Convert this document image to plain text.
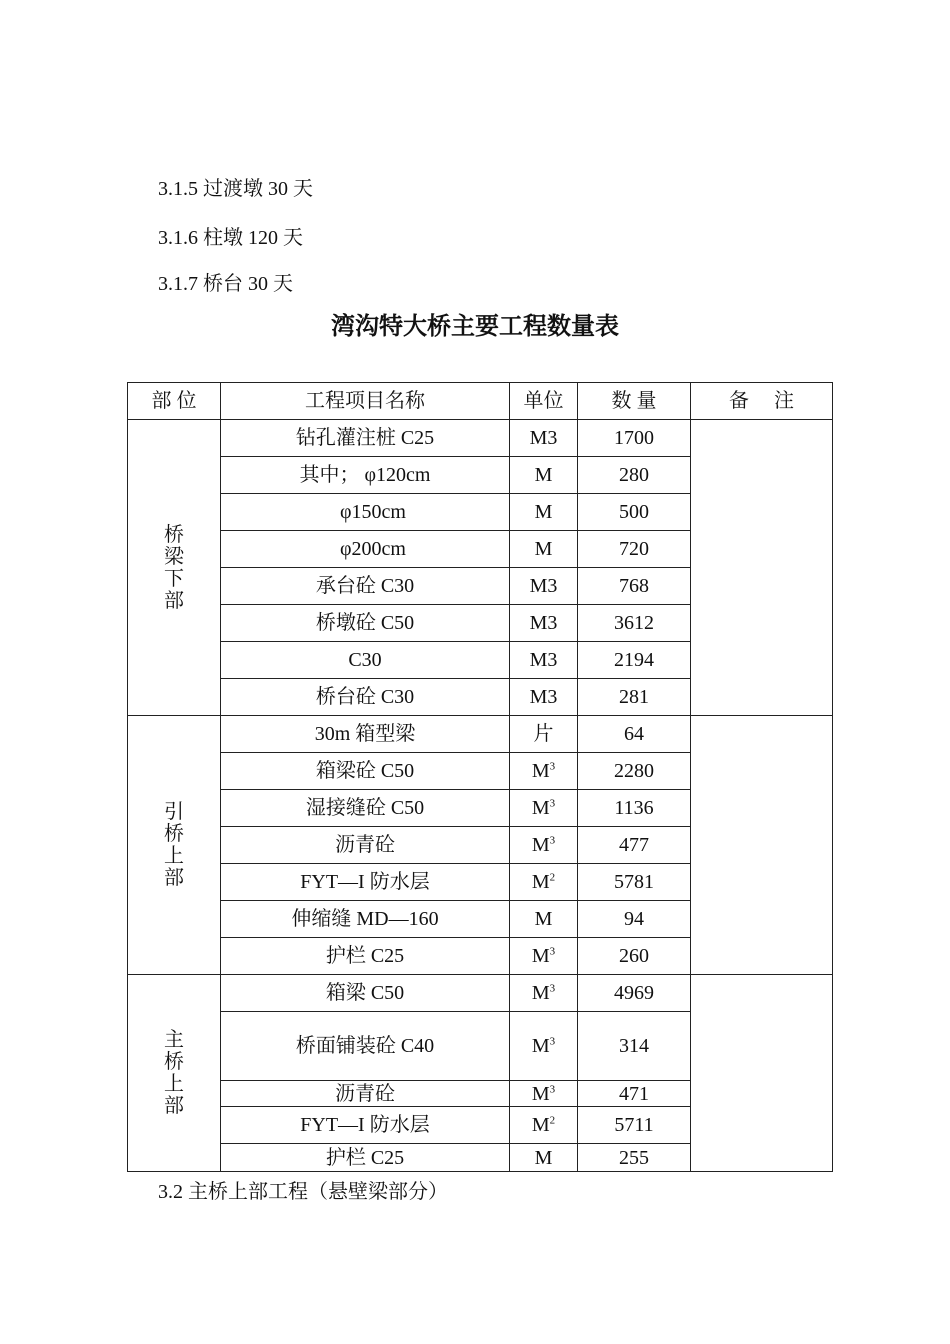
3.1.5 过渡墩 30 天
3.1.6 柱墩 120 天
3.1.7 桥台 30 天
湾沟特大桥主要工程数量表
部 位	工程项目名称	单位	数 量	备　 注

桥
梁
下
部	钻孔灌注桩 C25	M3	1700	
	其中； φ120cm	M	280	
	φ150cm	M	500	
	φ200cm	M	720	
	承台砼 C30	M3	768	
	桥墩砼 C50	M3	3612	
	C30	M3	2194	
	桥台砼 C30	M3	281	

引
桥
上
部	30m 箱型梁	片	64	
	箱梁砼 C50	$M^3$	2280	
	湿接缝砼 C50	$M^3$	1136	
	沥青砼	$M^3$	477	
	FYT—I 防水层	$M^2$	5781	
	伸缩缝 MD—160	M	94	
	护栏 C25	$M^3$	260	

主
桥
上
部	箱梁 C50	$M^3$	4969	
	桥面铺装砼 C40	$M^3$	314	
	沥青砼	$M^3$	471	
	FYT—I 防水层	$M^2$	5711	
	护栏 C25	M	255	
3.2 主桥上部工程（悬壁梁部分）
